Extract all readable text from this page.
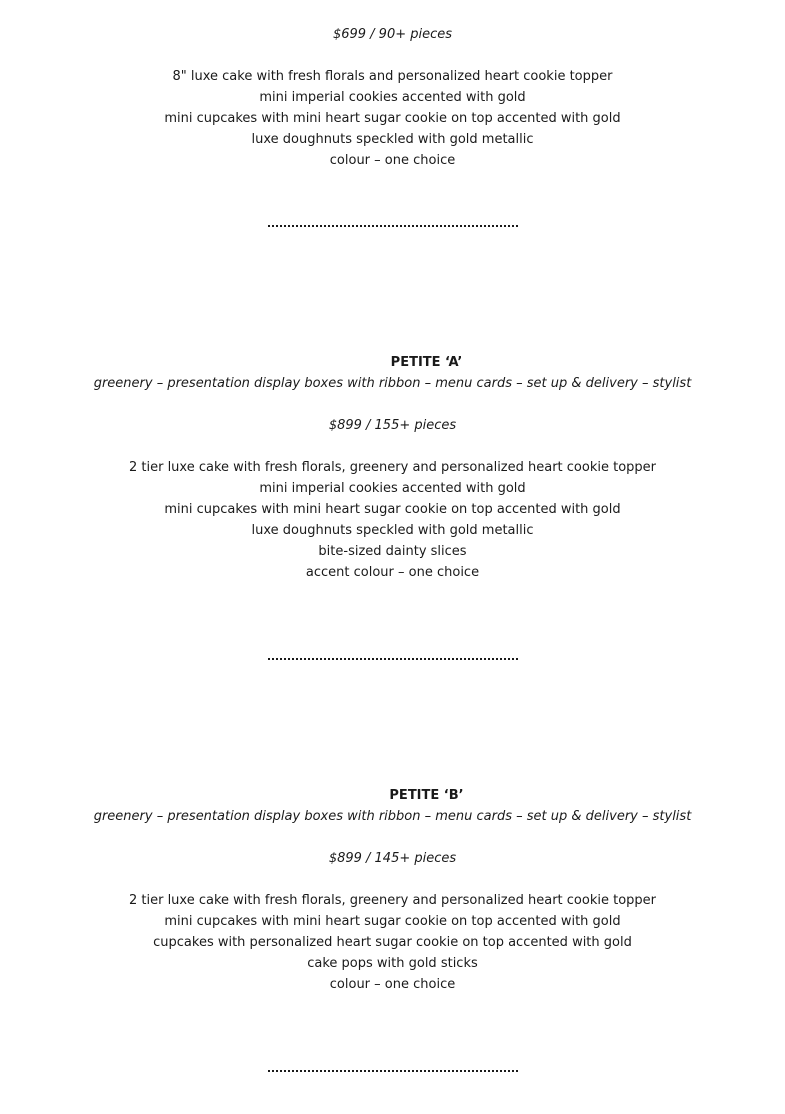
$699 / 90+ pieces
8" luxe cake with fresh florals and personalized heart cookie topper
mini imperial cookies accented with gold
mini cupcakes with mini heart sugar cookie on top accented with gold
luxe doughnuts speckled with gold metallic
colour – one choice
PETITE ‘A’
greenery – presentation display boxes with ribbon – menu cards – set up & delivery – stylist
$899 / 155+ pieces
2 tier luxe cake with fresh florals, greenery and personalized heart cookie topper
mini imperial cookies accented with gold
mini cupcakes with mini heart sugar cookie on top accented with gold
luxe doughnuts speckled with gold metallic
bite-sized dainty slices
accent colour – one choice
PETITE ‘B’
greenery – presentation display boxes with ribbon – menu cards – set up & delivery – stylist
$899 / 145+ pieces
2 tier luxe cake with fresh florals, greenery and personalized heart cookie topper
mini cupcakes with mini heart sugar cookie on top accented with gold
cupcakes with personalized heart sugar cookie on top accented with gold
cake pops with gold sticks
colour – one choice
